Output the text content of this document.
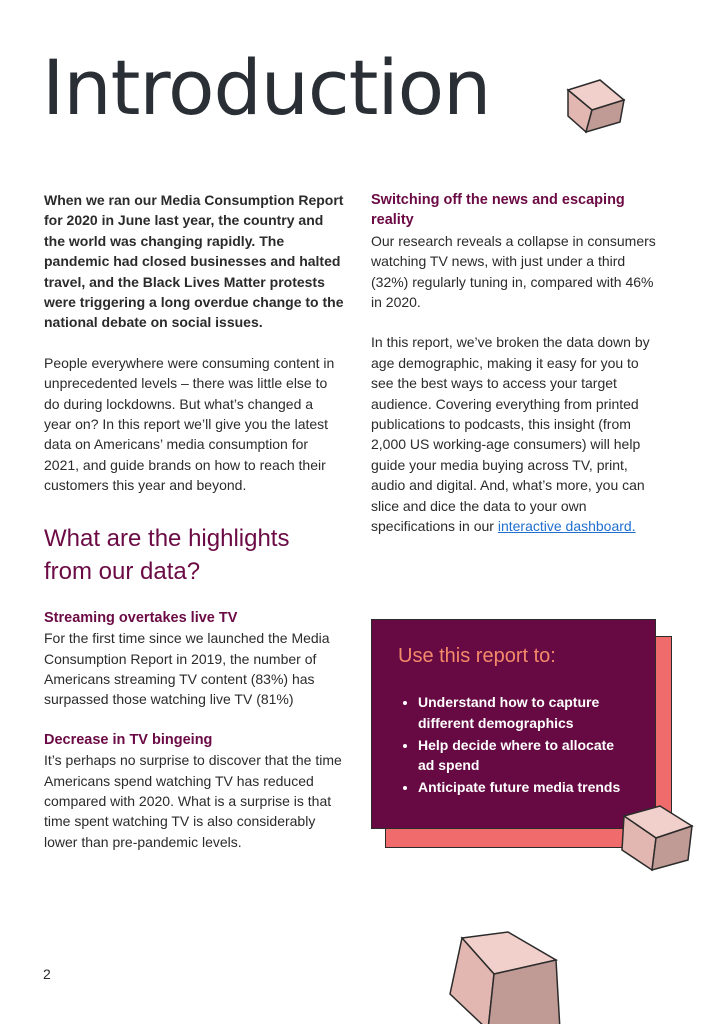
Introduction

When we ran our Media Consumption Report for 2020 in June last year, the country and the world was changing rapidly. The pandemic had closed businesses and halted travel, and the Black Lives Matter protests were triggering a long overdue change to the national debate on social issues.

People everywhere were consuming content in unprecedented levels – there was little else to do during lockdowns. But what’s changed a year on? In this report we’ll give you the latest data on Americans’ media consumption for 2021, and guide brands on how to reach their customers this year and beyond.

What are the highlights from our data?

Streaming overtakes live TV

For the first time since we launched the Media Consumption Report in 2019, the number of Americans streaming TV content (83%) has surpassed those watching live TV (81%)

Decrease in TV bingeing

It’s perhaps no surprise to discover that the time Americans spend watching TV has reduced compared with 2020. What is a surprise is that time spent watching TV is also considerably lower than pre-pandemic levels.

Switching off the news and escaping reality

Our research reveals a collapse in consumers watching TV news, with just under a third (32%) regularly tuning in, compared with 46% in 2020.

In this report, we’ve broken the data down by age demographic, making it easy for you to see the best ways to access your target audience. Covering everything from printed publications to podcasts, this insight (from 2,000 US working-age consumers) will help guide your media buying across TV, print, audio and digital. And, what’s more, you can slice and dice the data to your own specifications in our interactive dashboard.

Use this report to:

• Understand how to capture different demographics
• Help decide where to allocate ad spend
• Anticipate future media trends
2
